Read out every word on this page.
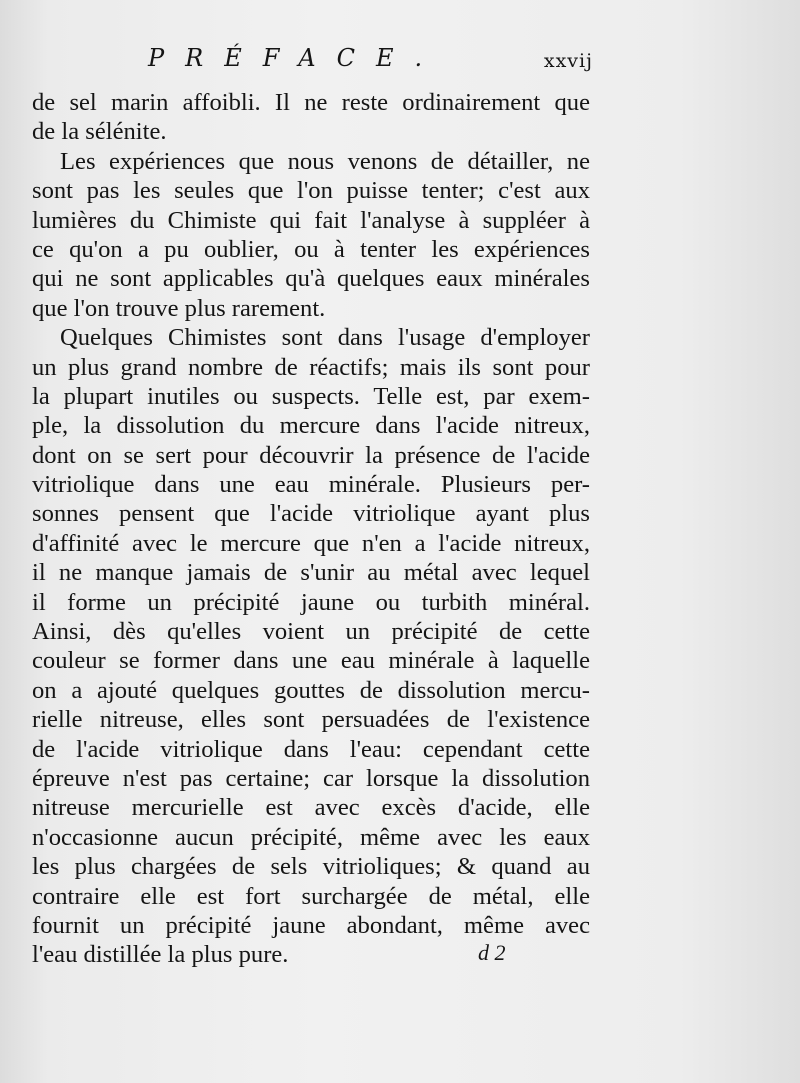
PRÉFACE.	xxvij
de sel marin affoibli. Il ne reste ordinairement que
de la sélénite.
Les expériences que nous venons de détailler, ne
sont pas les seules que l'on puisse tenter; c'est aux
lumières du Chimiste qui fait l'analyse à suppléer à
ce qu'on a pu oublier, ou à tenter les expériences
qui ne sont applicables qu'à quelques eaux minérales
que l'on trouve plus rarement.
Quelques Chimistes sont dans l'usage d'employer
un plus grand nombre de réactifs; mais ils sont pour
la plupart inutiles ou suspects. Telle est, par exem-
ple, la dissolution du mercure dans l'acide nitreux,
dont on se sert pour découvrir la présence de l'acide
vitriolique dans une eau minérale. Plusieurs per-
sonnes pensent que l'acide vitriolique ayant plus
d'affinité avec le mercure que n'en a l'acide nitreux,
il ne manque jamais de s'unir au métal avec lequel
il forme un précipité jaune ou turbith minéral.
Ainsi, dès qu'elles voient un précipité de cette
couleur se former dans une eau minérale à laquelle
on a ajouté quelques gouttes de dissolution mercu-
rielle nitreuse, elles sont persuadées de l'existence
de l'acide vitriolique dans l'eau: cependant cette
épreuve n'est pas certaine; car lorsque la dissolution
nitreuse mercurielle est avec excès d'acide, elle
n'occasionne aucun précipité, même avec les eaux
les plus chargées de sels vitrioliques; & quand au
contraire elle est fort surchargée de métal, elle
fournit un précipité jaune abondant, même avec
l'eau distillée la plus pure.	d 2
